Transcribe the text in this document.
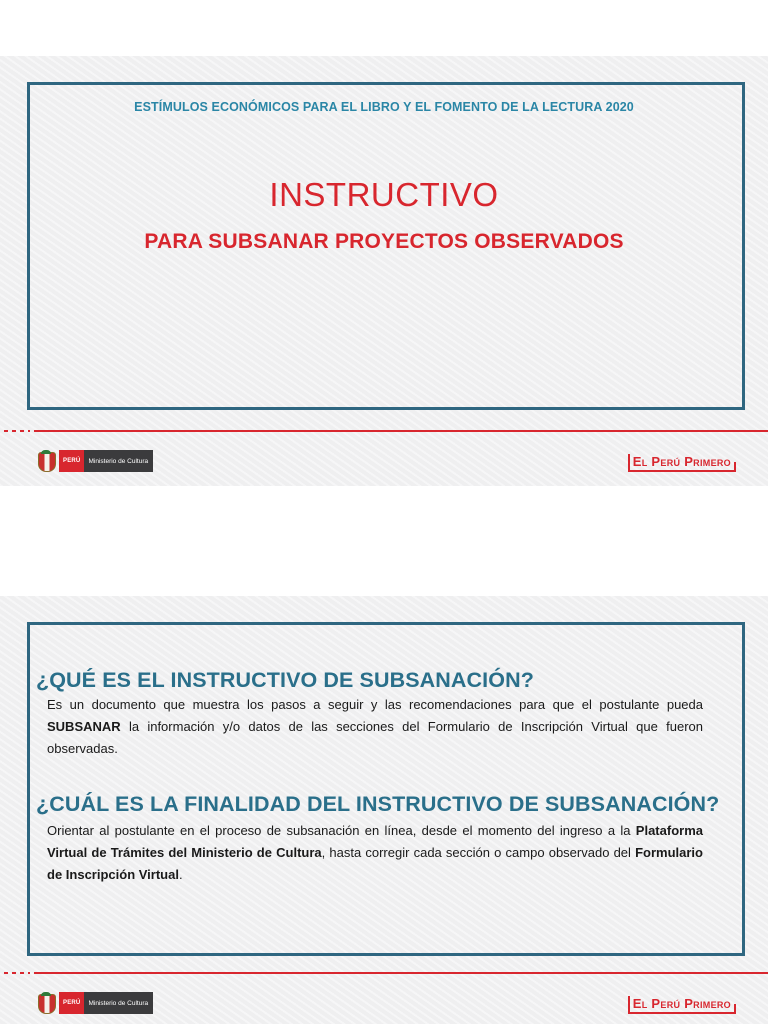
ESTÍMULOS ECONÓMICOS PARA EL LIBRO Y EL FOMENTO DE LA LECTURA 2020
INSTRUCTIVO
PARA SUBSANAR PROYECTOS OBSERVADOS
PERÚ	Ministerio de Cultura	El Perú Primero
¿QUÉ ES EL INSTRUCTIVO DE SUBSANACIÓN?
Es un documento que muestra los pasos a seguir y las recomendaciones para que el postulante pueda SUBSANAR la información y/o datos de las secciones del Formulario de Inscripción Virtual que fueron observadas.
¿CUÁL ES LA FINALIDAD DEL INSTRUCTIVO DE SUBSANACIÓN?
Orientar al postulante en el proceso de subsanación en línea, desde el momento del ingreso a la Plataforma Virtual de Trámites del Ministerio de Cultura, hasta corregir cada sección o campo observado del Formulario de Inscripción Virtual.
PERÚ	Ministerio de Cultura	El Perú Primero
